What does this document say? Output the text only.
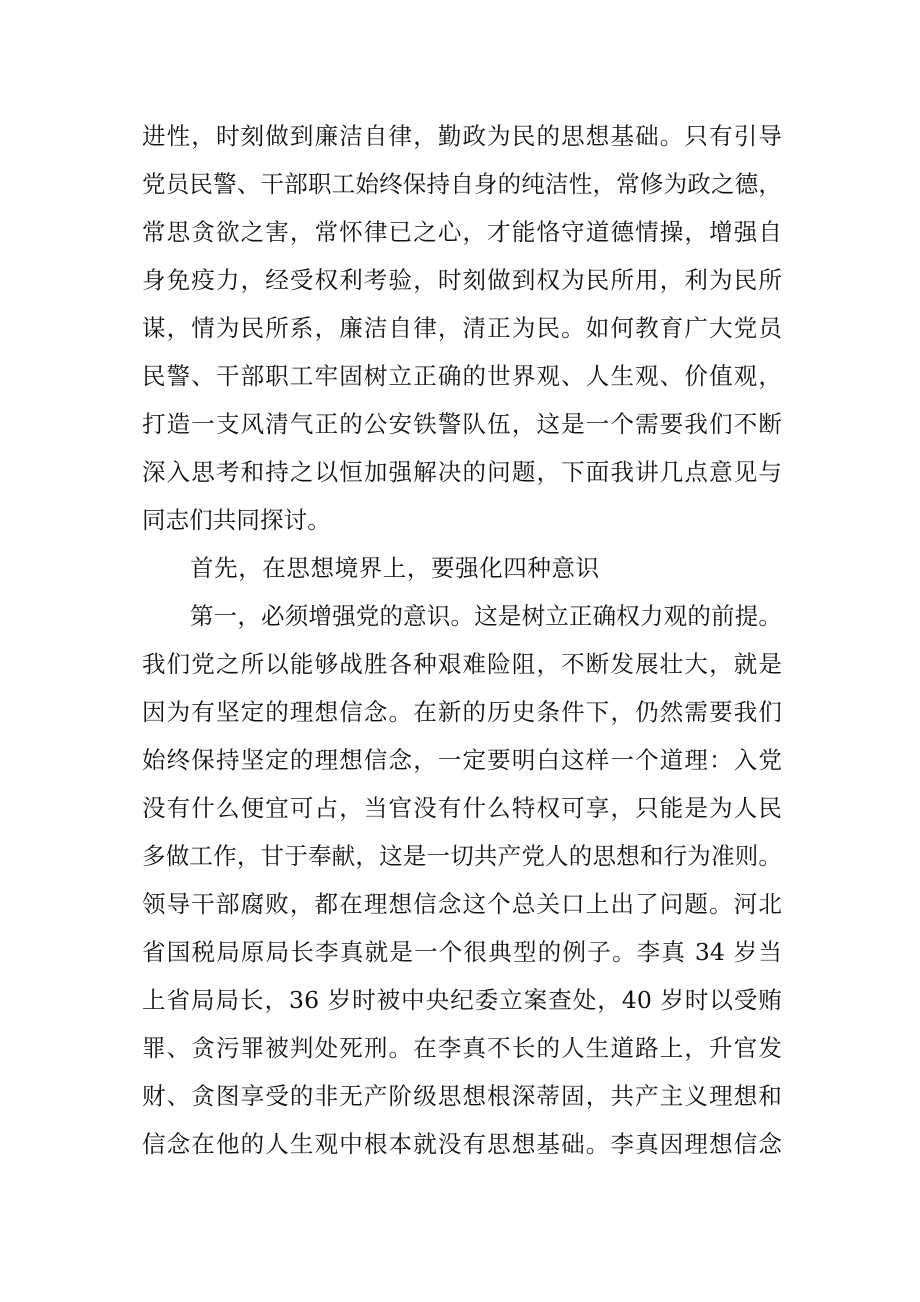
进性，时刻做到廉洁自律，勤政为民的思想基础。只有引导
党员民警、干部职工始终保持自身的纯洁性，常修为政之德，
常思贪欲之害，常怀律已之心，才能恪守道德情操，增强自
身免疫力，经受权利考验，时刻做到权为民所用，利为民所
谋，情为民所系，廉洁自律，清正为民。如何教育广大党员
民警、干部职工牢固树立正确的世界观、人生观、价值观，
打造一支风清气正的公安铁警队伍，这是一个需要我们不断
深入思考和持之以恒加强解决的问题，下面我讲几点意见与
同志们共同探讨。
首先，在思想境界上，要强化四种意识
第一，必须增强党的意识。这是树立正确权力观的前提。
我们党之所以能够战胜各种艰难险阻，不断发展壮大，就是
因为有坚定的理想信念。在新的历史条件下，仍然需要我们
始终保持坚定的理想信念，一定要明白这样一个道理：入党
没有什么便宜可占，当官没有什么特权可享，只能是为人民
多做工作，甘于奉献，这是一切共产党人的思想和行为准则。
领导干部腐败，都在理想信念这个总关口上出了问题。河北
省国税局原局长李真就是一个很典型的例子。李真 34 岁当
上省局局长，36 岁时被中央纪委立案查处，40 岁时以受贿
罪、贪污罪被判处死刑。在李真不长的人生道路上，升官发
财、贪图享受的非无产阶级思想根深蒂固，共产主义理想和
信念在他的人生观中根本就没有思想基础。李真因理想信念
